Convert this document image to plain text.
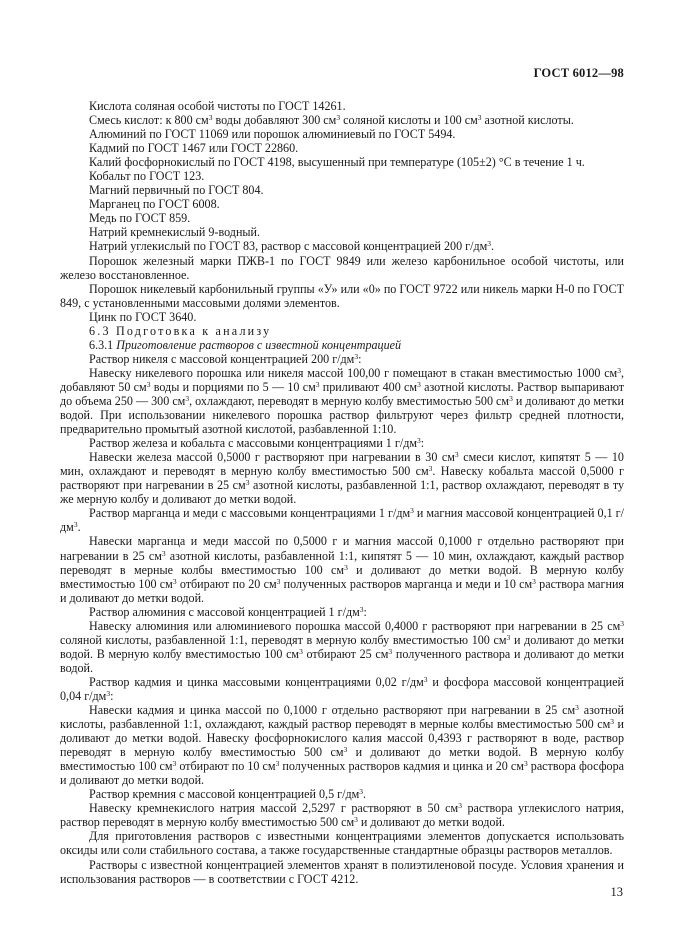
ГОСТ 6012—98

Кислота соляная особой чистоты по ГОСТ 14261.

Смесь кислот: к 800 $см^3$ воды добавляют 300 $см^3$ соляной кислоты и 100 $см^3$ азотной кислоты.

Алюминий по ГОСТ 11069 или порошок алюминиевый по ГОСТ 5494.

Кадмий по ГОСТ 1467 или ГОСТ 22860.

Калий фосфорнокислый по ГОСТ 4198, высушенный при температуре (105±2) °С в течение 1 ч.

Кобальт по ГОСТ 123.

Магний первичный по ГОСТ 804.

Марганец по ГОСТ 6008.

Медь по ГОСТ 859.

Натрий кремнекислый 9-водный.

Натрий углекислый по ГОСТ 83, раствор с массовой концентрацией 200 $г/дм^3$.

Порошок железный марки ПЖВ-1 по ГОСТ 9849 или железо карбонильное особой чистоты, или железо восстановленное.

Порошок никелевый карбонильный группы «У» или «0» по ГОСТ 9722 или никель марки Н-0 по ГОСТ 849, с установленными массовыми долями элементов.

Цинк по ГОСТ 3640.

6.3 Подготовка к анализу

6.3.1 Приготовление растворов с известной концентрацией

Раствор никеля с массовой концентрацией 200 $г/дм^3$:

Навеску никелевого порошка или никеля массой 100,00 г помещают в стакан вместимостью 1000 $см^3$, добавляют 50 $см^3$ воды и порциями по 5 — 10 $см^3$ приливают 400 $см^3$ азотной кислоты. Раствор выпаривают до объема 250 — 300 $см^3$, охлаждают, переводят в мерную колбу вместимостью 500 $см^3$ и доливают до метки водой. При использовании никелевого порошка раствор фильтруют через фильтр средней плотности, предварительно промытый азотной кислотой, разбавленной 1:10.

Раствор железа и кобальта с массовыми концентрациями 1 $г/дм^3$:

Навески железа массой 0,5000 г растворяют при нагревании в 30 $см^3$ смеси кислот, кипятят 5 — 10 мин, охлаждают и переводят в мерную колбу вместимостью 500 $см^3$. Навеску кобальта массой 0,5000 г растворяют при нагревании в 25 $см^3$ азотной кислоты, разбавленной 1:1, раствор охлаждают, переводят в ту же мерную колбу и доливают до метки водой.

Раствор марганца и меди с массовыми концентрациями 1 $г/дм^3$ и магния массовой концентрацией 0,1 $г/дм^3$.

Навески марганца и меди массой по 0,5000 г и магния массой 0,1000 г отдельно растворяют при нагревании в 25 $см^3$ азотной кислоты, разбавленной 1:1, кипятят 5 — 10 мин, охлаждают, каждый раствор переводят в мерные колбы вместимостью 100 $см^3$ и доливают до метки водой. В мерную колбу вместимостью 100 $см^3$ отбирают по 20 $см^3$ полученных растворов марганца и меди и 10 $см^3$ раствора магния и доливают до метки водой.

Раствор алюминия с массовой концентрацией 1 $г/дм^3$:

Навеску алюминия или алюминиевого порошка массой 0,4000 г растворяют при нагревании в 25 $см^3$ соляной кислоты, разбавленной 1:1, переводят в мерную колбу вместимостью 100 $см^3$ и доливают до метки водой. В мерную колбу вместимостью 100 $см^3$ отбирают 25 $см^3$ полученного раствора и доливают до метки водой.

Раствор кадмия и цинка массовыми концентрациями 0,02 $г/дм^3$ и фосфора массовой концентрацией 0,04 $г/дм^3$:

Навески кадмия и цинка массой по 0,1000 г отдельно растворяют при нагревании в 25 $см^3$ азотной кислоты, разбавленной 1:1, охлаждают, каждый раствор переводят в мерные колбы вместимостью 500 $см^3$ и доливают до метки водой. Навеску фосфорнокислого калия массой 0,4393 г растворяют в воде, раствор переводят в мерную колбу вместимостью 500 $см^3$ и доливают до метки водой. В мерную колбу вместимостью 100 $см^3$ отбирают по 10 $см^3$ полученных растворов кадмия и цинка и 20 $см^3$ раствора фосфора и доливают до метки водой.

Раствор кремния с массовой концентрацией 0,5 $г/дм^3$.

Навеску кремнекислого натрия массой 2,5297 г растворяют в 50 $см^3$ раствора углекислого натрия, раствор переводят в мерную колбу вместимостью 500 $см^3$ и доливают до метки водой.

Для приготовления растворов с известными концентрациями элементов допускается использовать оксиды или соли стабильного состава, а также государственные стандартные образцы растворов металлов.

Растворы с известной концентрацией элементов хранят в полиэтиленовой посуде. Условия хранения и использования растворов — в соответствии с ГОСТ 4212.

13
